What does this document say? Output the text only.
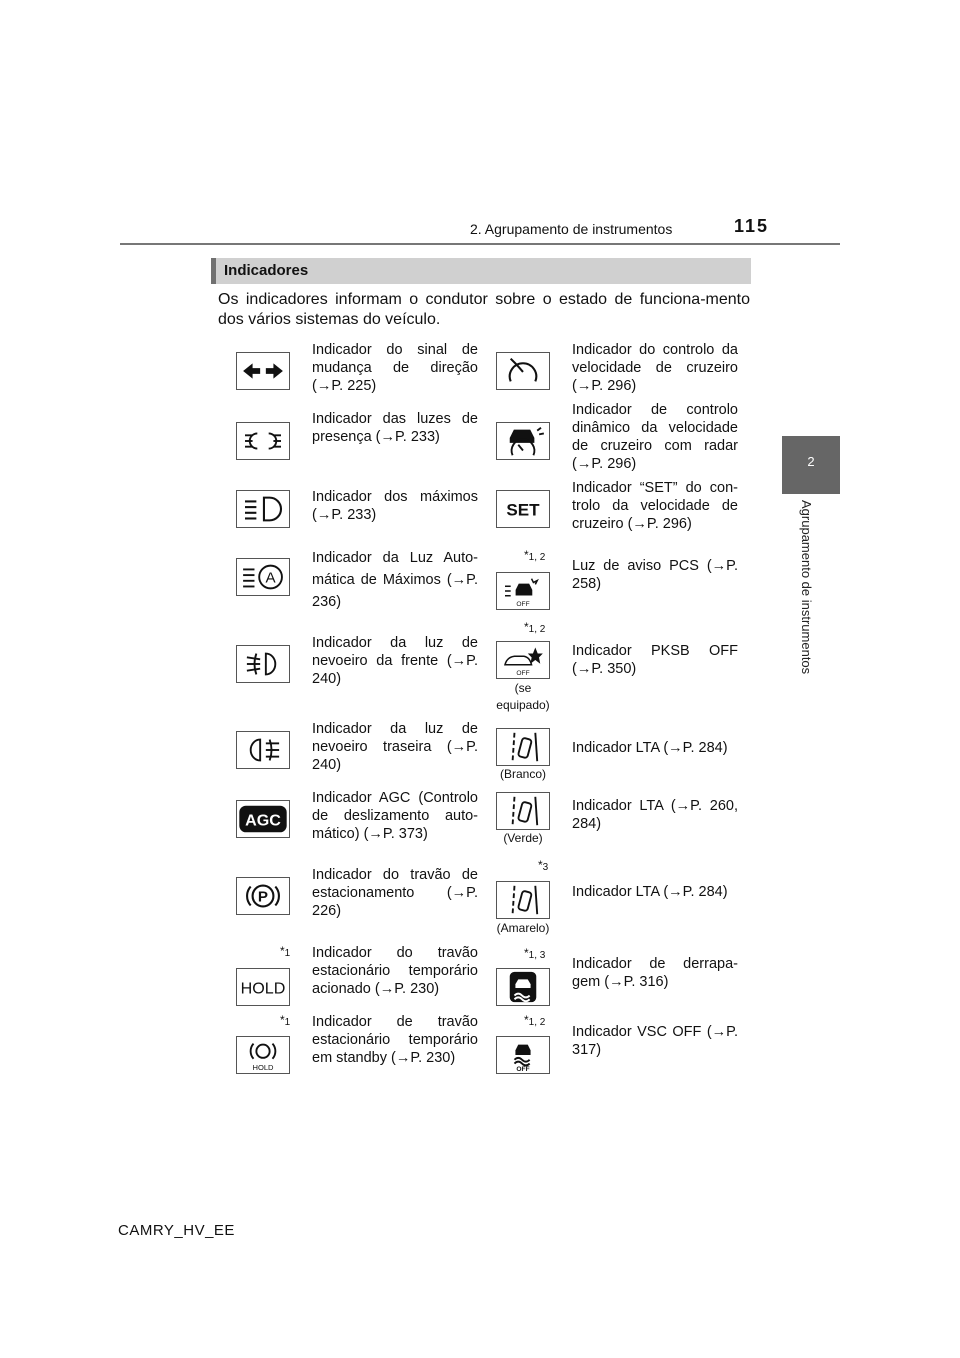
2. Agrupamento de instrumentos	115
2
Agrupamento de instrumentos
Indicadores
Os indicadores informam o condutor sobre o estado de funciona-mento dos vários sistemas do veículo.
Indicador do sinal de mudança de direção (→P. 225)
Indicador das luzes de presença (→P. 233)
Indicador dos máximos (→P. 233)
A
Indicador da Luz Auto-mática de Máximos (→P. 236)
Indicador da luz de nevoeiro da frente (→P. 240)
Indicador da luz de nevoeiro traseira (→P. 240)
AGC
Indicador AGC (Controlo de deslizamento auto-mático) (→P. 373)
P
Indicador do travão de estacionamento (→P. 226)
$*_1$
HOLD
Indicador do travão estacionário temporário acionado (→P. 230)
$*_1$
HOLD
Indicador de travão estacionário temporário em standby (→P. 230)
Indicador do controlo da velocidade de cruzeiro (→P. 296)
Indicador de controlo dinâmico da velocidade de cruzeiro com radar (→P. 296)
SET
Indicador “SET” do con-trolo da velocidade de cruzeiro (→P. 296)
$*_{1, 2}$
OFF
Luz de aviso PCS (→P. 258)
$*_{1, 2}$
OFF
(se equipado)
Indicador PKSB OFF (→P. 350)
(Branco)
Indicador LTA (→P. 284)
(Verde)
Indicador LTA (→P. 260, 284)
$*_3$
(Amarelo)
Indicador LTA (→P. 284)
$*_{1, 3}$
Indicador de derrapa-gem (→P. 316)
$*_{1, 2}$
OFF
Indicador VSC OFF (→P. 317)
CAMRY_HV_EE
